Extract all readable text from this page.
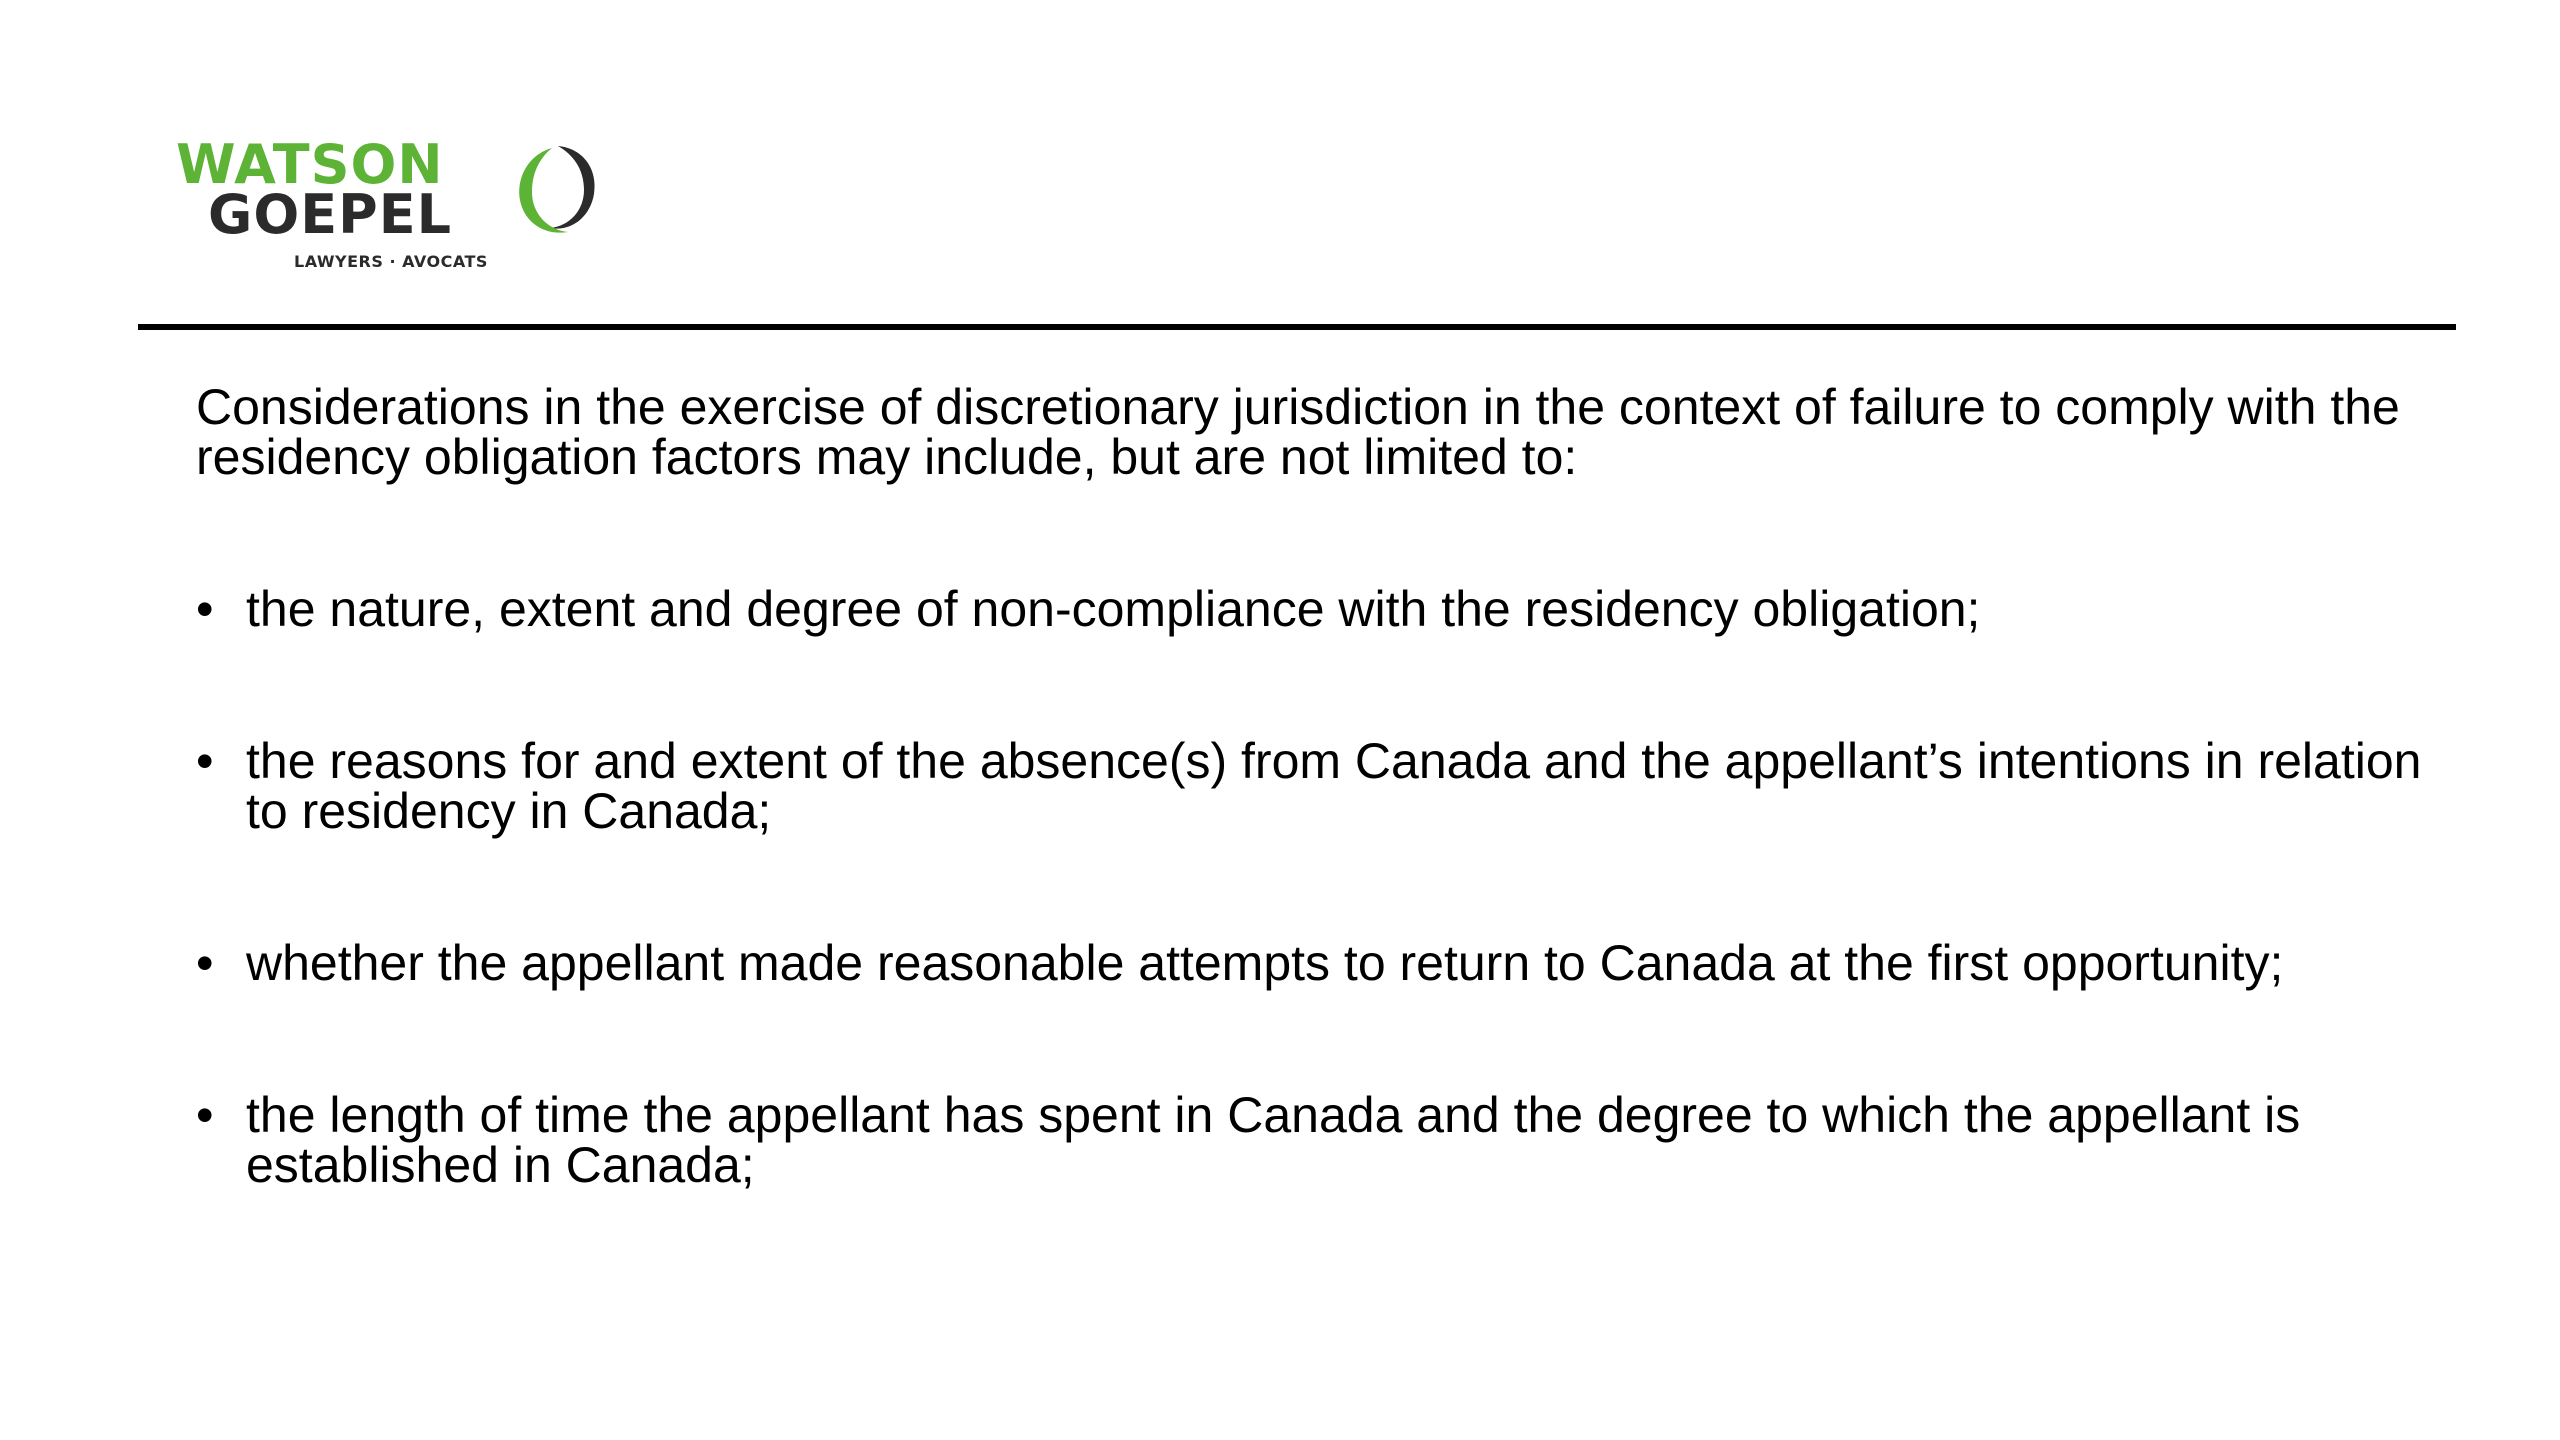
WATSON
GOEPEL
LAWYERS · AVOCATS

Considerations in the exercise of discretionary jurisdiction in the context of failure to comply with the residency obligation factors may include, but are not limited to:

• the nature, extent and degree of non-compliance with the residency obligation;
• the reasons for and extent of the absence(s) from Canada and the appellant’s intentions in relation to residency in Canada;
• whether the appellant made reasonable attempts to return to Canada at the first opportunity;
• the length of time the appellant has spent in Canada and the degree to which the appellant is established in Canada;
